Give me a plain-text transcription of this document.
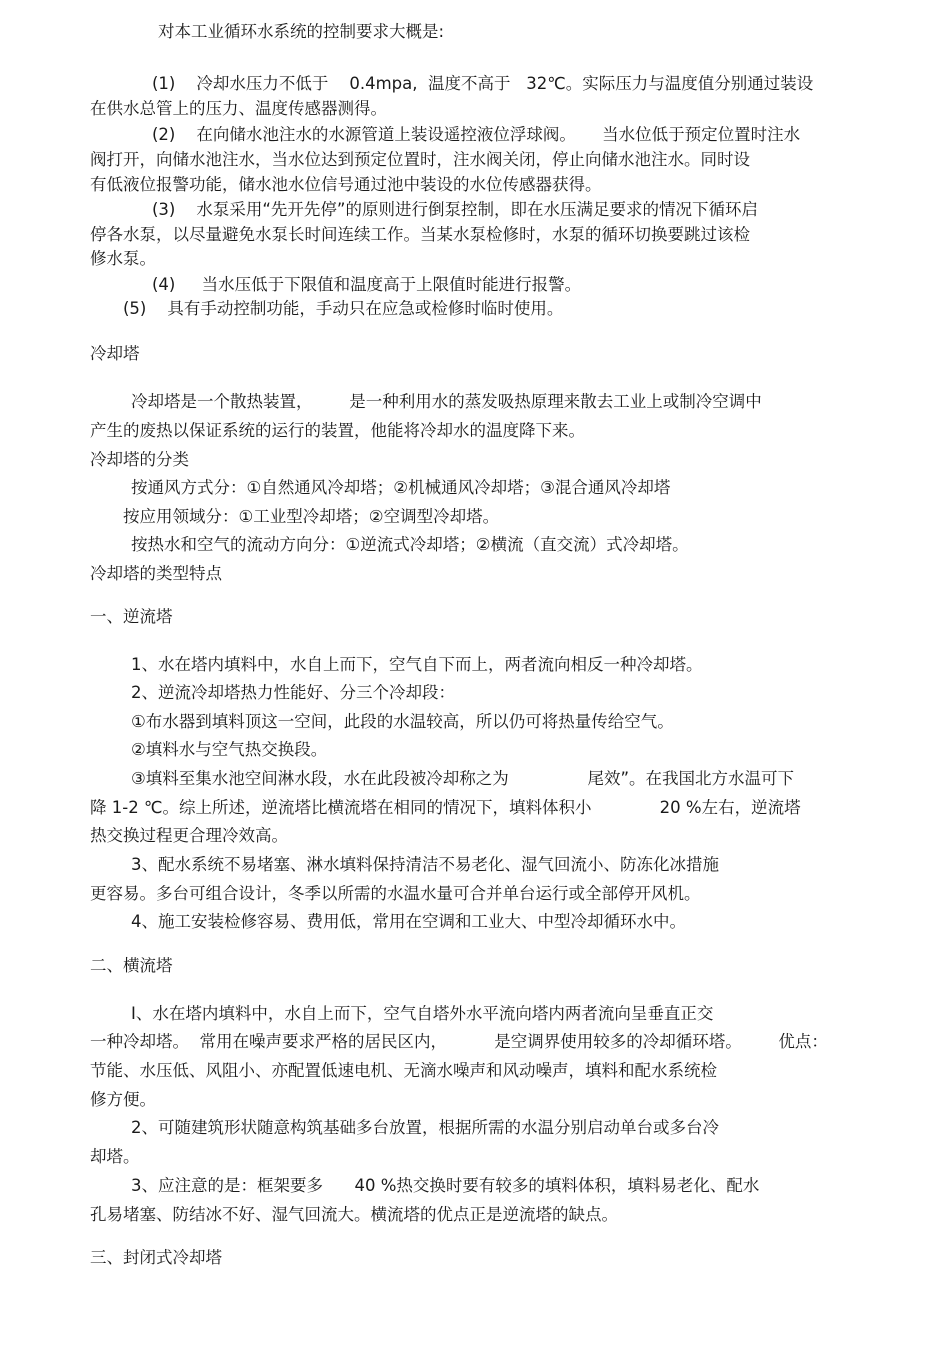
对本工业循环水系统的控制要求大概是:

(1)    冷却水压力不低于    0.4mpa,  温度不高于   32℃。实际压力与温度值分别通过装设

在供水总管上的压力、温度传感器测得。

(2)    在向储水池注水的水源管道上装设遥控液位浮球阀。     当水位低于预定位置时注水

阀打开，向储水池注水，当水位达到预定位置时，注水阀关闭，停止向储水池注水。同时设

有低液位报警功能，储水池水位信号通过池中装设的水位传感器获得。

(3)    水泵采用“先开先停”的原则进行倒泵控制，即在水压满足要求的情况下循环启

停各水泵，以尽量避免水泵长时间连续工作。当某水泵检修时，水泵的循环切换要跳过该检

修水泵。

(4)     当水压低于下限值和温度高于上限值时能进行报警。

(5)    具有手动控制功能，手动只在应急或检修时临时使用。

冷却塔

冷却塔是一个散热装置，       是一种利用水的蒸发吸热原理来散去工业上或制冷空调中

产生的废热以保证系统的运行的装置，他能将冷却水的温度降下来。

冷却塔的分类

按通风方式分：①自然通风冷却塔；②机械通风冷却塔；③混合通风冷却塔

按应用领域分：①工业型冷却塔；②空调型冷却塔。

按热水和空气的流动方向分：①逆流式冷却塔；②横流（直交流）式冷却塔。

冷却塔的类型特点

一、逆流塔

1、水在塔内填料中，水自上而下，空气自下而上，两者流向相反一种冷却塔。

2、逆流冷却塔热力性能好、分三个冷却段：

①布水器到填料顶这一空间，此段的水温较高，所以仍可将热量传给空气。

②填料水与空气热交换段。

③填料至集水池空间淋水段，水在此段被冷却称之为               尾效”。在我国北方水温可下

降 1-2 ℃。综上所述，逆流塔比横流塔在相同的情况下，填料体积小             20 %左右，逆流塔

热交换过程更合理冷效高。

3、配水系统不易堵塞、淋水填料保持清洁不易老化、湿气回流小、防冻化冰措施

更容易。多台可组合设计，冬季以所需的水温水量可合并单台运行或全部停开风机。

4、施工安装检修容易、费用低，常用在空调和工业大、中型冷却循环水中。

二、横流塔

I、水在塔内填料中，水自上而下，空气自塔外水平流向塔内两者流向呈垂直正交

一种冷却塔。  常用在噪声要求严格的居民区内，         是空调界使用较多的冷却循环塔。       优点：

节能、水压低、风阻小、亦配置低速电机、无滴水噪声和风动噪声，填料和配水系统检

修方便。

2、可随建筑形状随意构筑基础多台放置，根据所需的水温分别启动单台或多台冷

却塔。

3、应注意的是：框架要多      40 %热交换时要有较多的填料体积，填料易老化、配水

孔易堵塞、防结冰不好、湿气回流大。横流塔的优点正是逆流塔的缺点。

三、封闭式冷却塔
